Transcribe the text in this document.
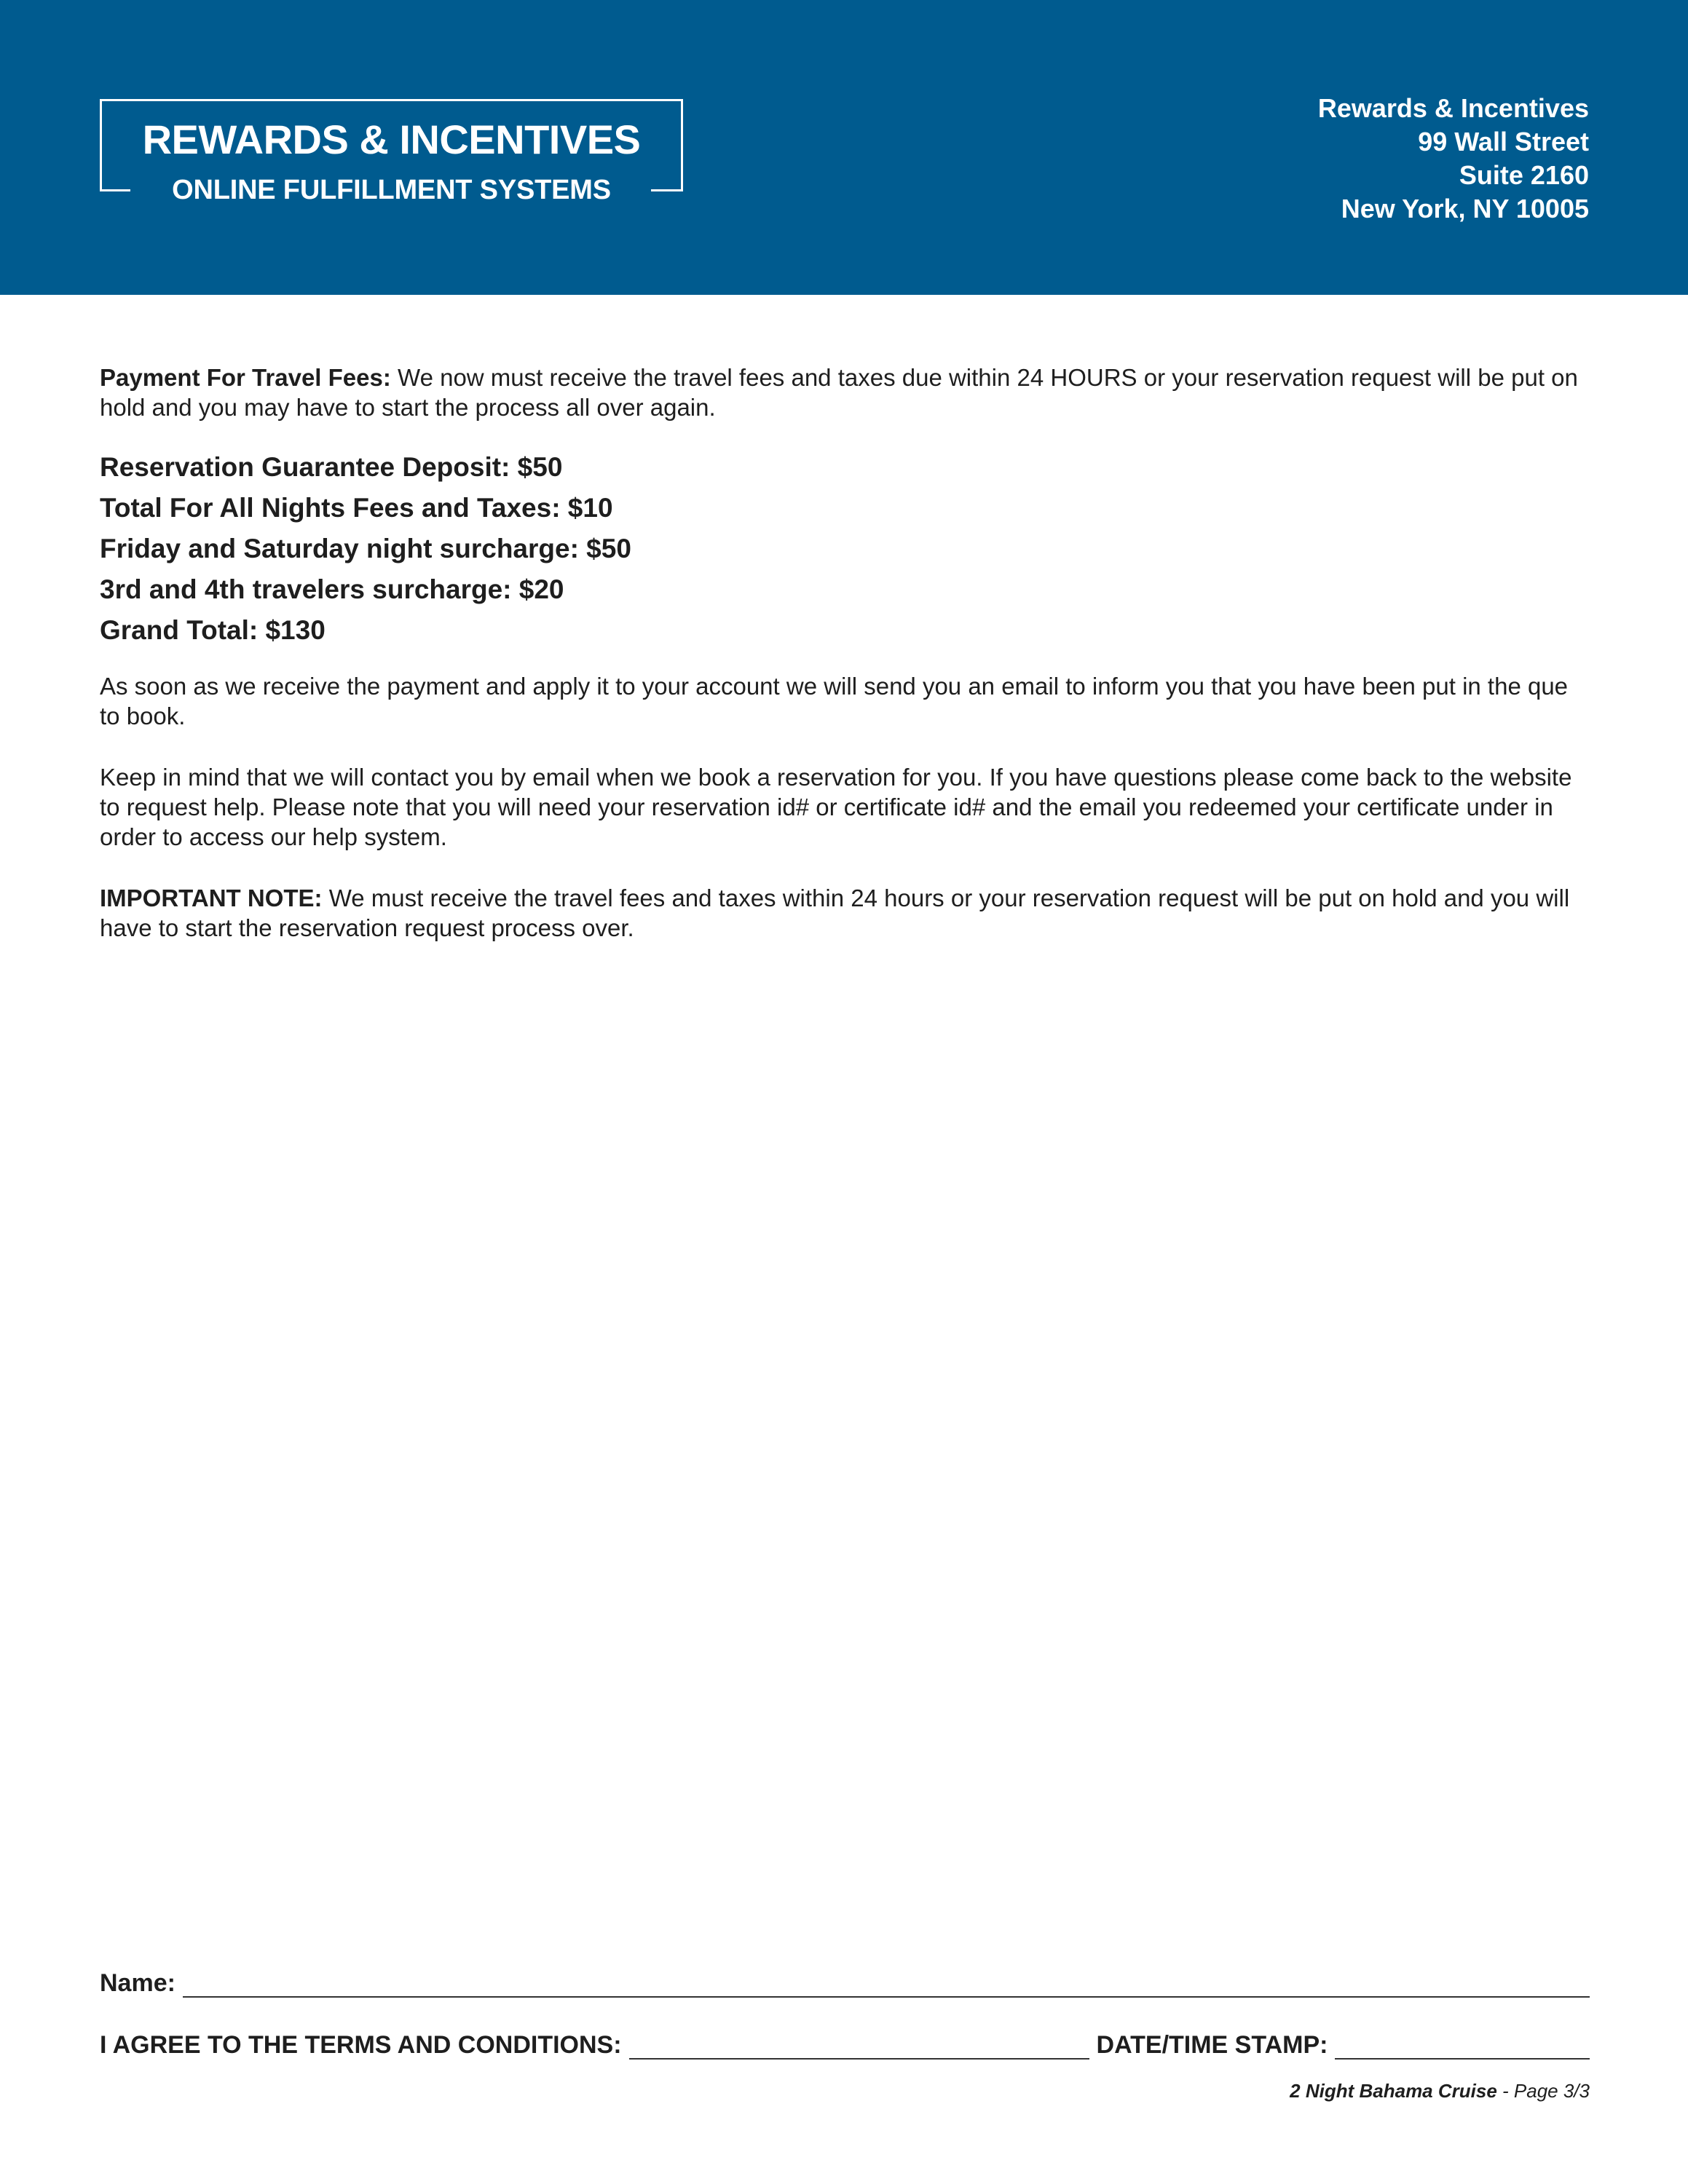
REWARDS & INCENTIVES
ONLINE FULFILLMENT SYSTEMS
Rewards & Incentives
99 Wall Street
Suite 2160
New York, NY 10005

Payment For Travel Fees: We now must receive the travel fees and taxes due within 24 HOURS or your reservation request will be put on hold and you may have to start the process all over again.

Reservation Guarantee Deposit: $50
Total For All Nights Fees and Taxes: $10
Friday and Saturday night surcharge: $50
3rd and 4th travelers surcharge: $20
Grand Total: $130

As soon as we receive the payment and apply it to your account we will send you an email to inform you that you have been put in the que to book.

Keep in mind that we will contact you by email when we book a reservation for you. If you have questions please come back to the website to request help. Please note that you will need your reservation id# or certificate id# and the email you redeemed your certificate under in order to access our help system.

IMPORTANT NOTE: We must receive the travel fees and taxes within 24 hours or your reservation request will be put on hold and you will have to start the reservation request process over.

Name:
I AGREE TO THE TERMS AND CONDITIONS:	DATE/TIME STAMP:
2 Night Bahama Cruise - Page 3/3
